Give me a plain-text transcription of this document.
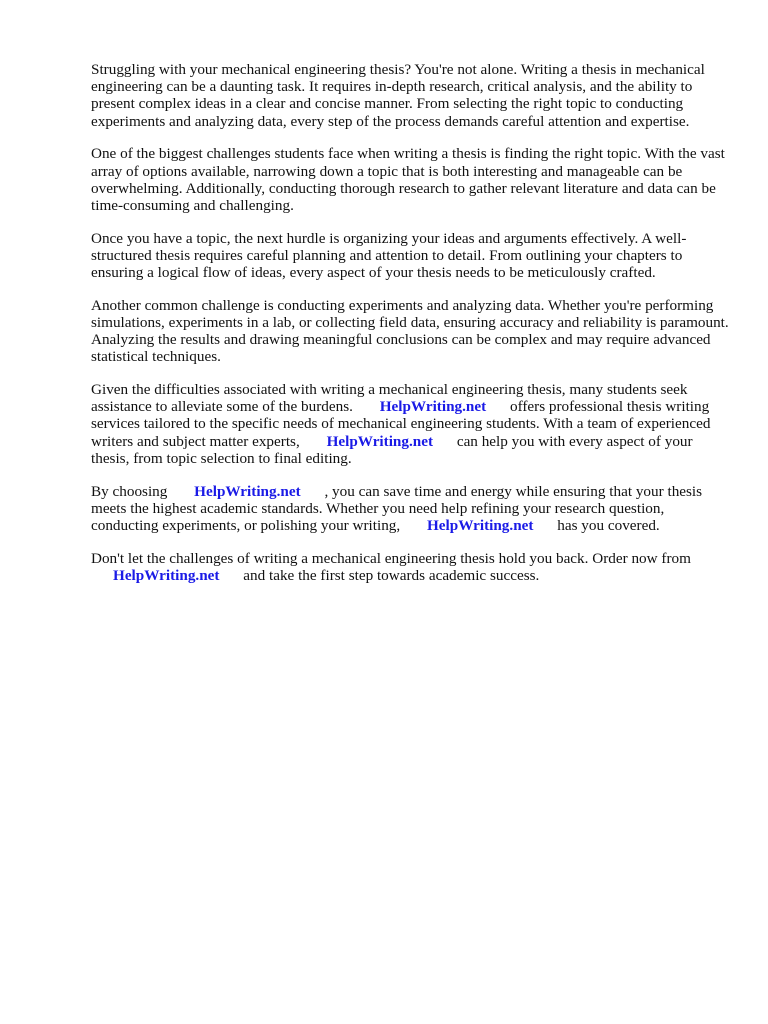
Struggling with your mechanical engineering thesis? You're not alone. Writing a thesis in mechanical engineering can be a daunting task. It requires in-depth research, critical analysis, and the ability to present complex ideas in a clear and concise manner. From selecting the right topic to conducting experiments and analyzing data, every step of the process demands careful attention and expertise.

One of the biggest challenges students face when writing a thesis is finding the right topic. With the vast array of options available, narrowing down a topic that is both interesting and manageable can be overwhelming. Additionally, conducting thorough research to gather relevant literature and data can be time-consuming and challenging.

Once you have a topic, the next hurdle is organizing your ideas and arguments effectively. A well-structured thesis requires careful planning and attention to detail. From outlining your chapters to ensuring a logical flow of ideas, every aspect of your thesis needs to be meticulously crafted.

Another common challenge is conducting experiments and analyzing data. Whether you're performing simulations, experiments in a lab, or collecting field data, ensuring accuracy and reliability is paramount. Analyzing the results and drawing meaningful conclusions can be complex and may require advanced statistical techniques.

Given the difficulties associated with writing a mechanical engineering thesis, many students seek assistance to alleviate some of the burdens. HelpWriting.net offers professional thesis writing services tailored to the specific needs of mechanical engineering students. With a team of experienced writers and subject matter experts, HelpWriting.net can help you with every aspect of your thesis, from topic selection to final editing.

By choosing HelpWriting.net , you can save time and energy while ensuring that your thesis meets the highest academic standards. Whether you need help refining your research question, conducting experiments, or polishing your writing, HelpWriting.net has you covered.

Don't let the challenges of writing a mechanical engineering thesis hold you back. Order now from
HelpWriting.net and take the first step towards academic success.
